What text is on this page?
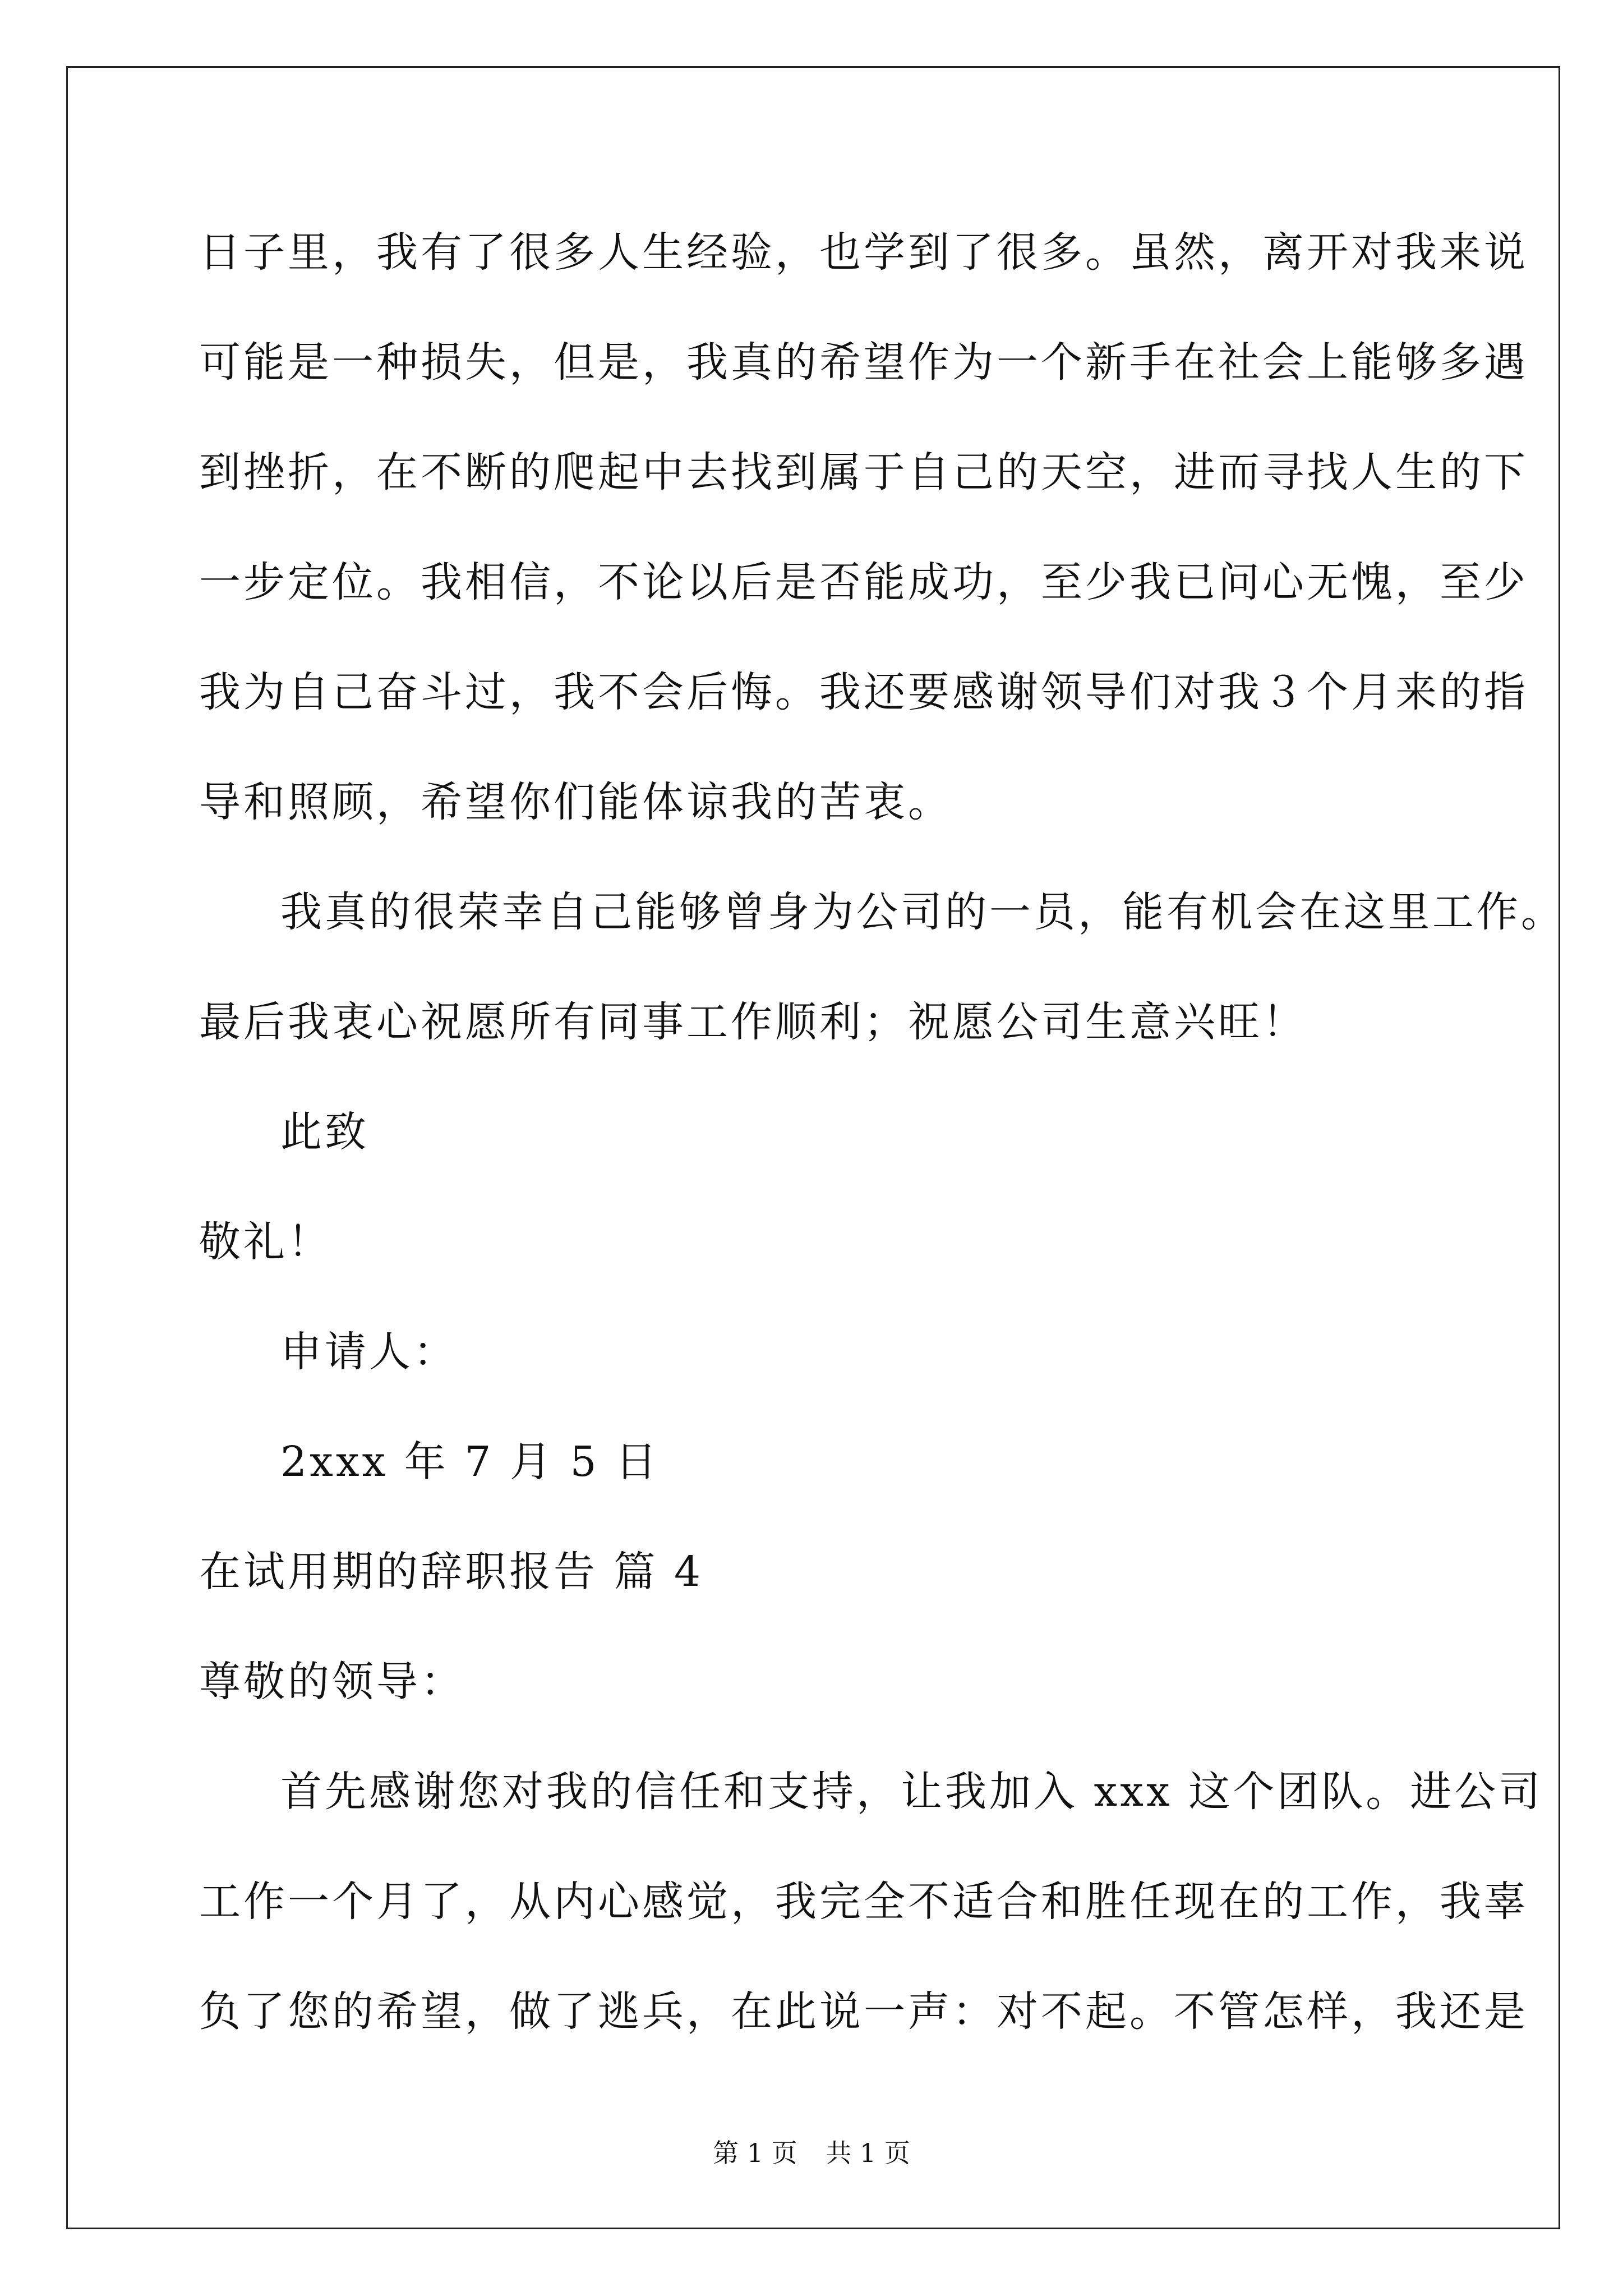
日子里，我有了很多人生经验，也学到了很多。虽然，离开对我来说
可能是一种损失，但是，我真的希望作为一个新手在社会上能够多遇
到挫折，在不断的爬起中去找到属于自己的天空，进而寻找人生的下
一步定位。我相信，不论以后是否能成功，至少我已问心无愧，至少
我为自己奋斗过，我不会后悔。我还要感谢领导们对我３个月来的指
导和照顾，希望你们能体谅我的苦衷。
我真的很荣幸自己能够曾身为公司的一员，能有机会在这里工作。
最后我衷心祝愿所有同事工作顺利；祝愿公司生意兴旺！
此致
敬礼！
申请人：
2xxx 年 7 月 5 日
在试用期的辞职报告 篇 4
尊敬的领导：
首先感谢您对我的信任和支持，让我加入 xxx 这个团队。进公司
工作一个月了，从内心感觉，我完全不适合和胜任现在的工作，我辜
负了您的希望，做了逃兵，在此说一声：对不起。不管怎样，我还是
第 1 页 共 1 页
